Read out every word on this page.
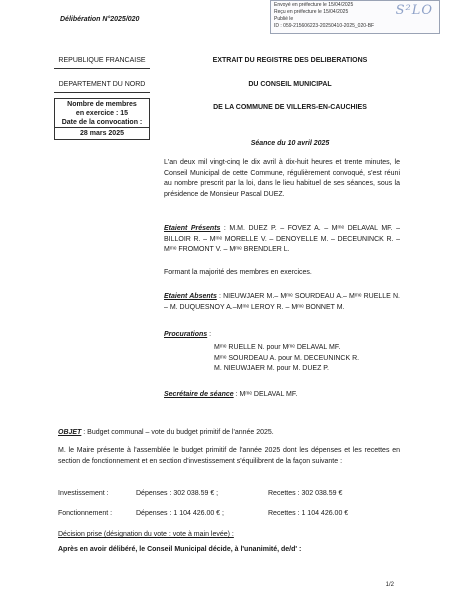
Envoyé en préfecture le 15/04/2025
Reçu en préfecture le 15/04/2025
Publié le
ID : 059-215606223-20250410-2025_020-BF
S²LO
Délibération N°2025/020
REPUBLIQUE FRANCAISE
DEPARTEMENT DU NORD
Nombre de membres
en exercice : 15
Date de la convocation :
28 mars 2025
EXTRAIT DU REGISTRE DES DELIBERATIONS
DU CONSEIL MUNICIPAL
DE LA COMMUNE DE VILLERS-EN-CAUCHIES
Séance du 10 avril 2025
L'an deux mil vingt-cinq le dix avril à dix-huit heures et trente minutes, le Conseil Municipal de cette Commune, régulièrement convoqué, s'est réuni au nombre prescrit par la loi, dans le lieu habituel de ses séances, sous la présidence de Monsieur Pascal DUEZ.
Etaient Présents : M.M. DUEZ P. – FOVEZ A. – Mᵐᵉ DELAVAL MF. – BILLOIR R. – Mᵐᵉ MORELLE V. – DENOYELLE M. – DECEUNINCK R. – Mᵐᵉ FROMONT V. – Mᵐᵉ BRENDLER L.
Formant la majorité des membres en exercices.
Etaient Absents : NIEUWJAER M.– Mᵐᵉ SOURDEAU A.– Mᵐᵉ RUELLE N. – M. DUQUESNOY A.–Mᵐᵉ LEROY R. – Mᵐᵉ BONNET M.
Procurations :
Mᵐᵉ RUELLE N. pour Mᵐᵉ DELAVAL MF.
Mᵐᵉ SOURDEAU A. pour M. DECEUNINCK R.
M. NIEUWJAER M. pour M. DUEZ P.
Secrétaire de séance : Mᵐᵉ DELAVAL MF.
OBJET : Budget communal – vote du budget primitif de l'année 2025.
M. le Maire présente à l'assemblée le budget primitif de l'année 2025 dont les dépenses et les recettes en section de fonctionnement et en section d'investissement s'équilibrent de la façon suivante :
Investissement :	Dépenses : 302 038.59 € ;	Recettes : 302 038.59 €
Fonctionnement :	Dépenses : 1 104 426.00 € ;	Recettes : 1 104 426.00 €
Décision prise (désignation du vote : vote à main levée) :
Après en avoir délibéré, le Conseil Municipal décide, à l'unanimité, de/d' :
1/2
